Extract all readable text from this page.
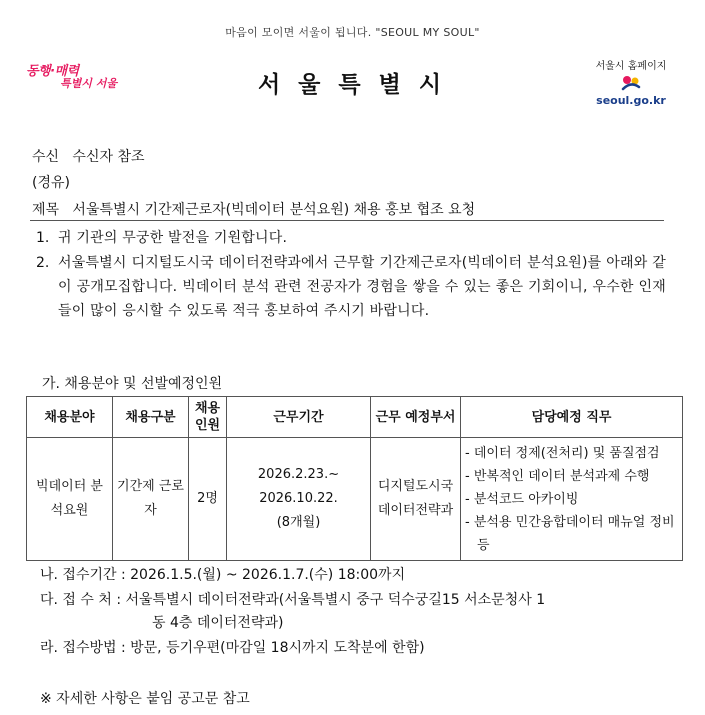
마음이 모이면 서울이 됩니다. "SEOUL MY SOUL"
동행·매력
특별시 서울	서울특별시
서울시 홈페이지
seoul.go.kr
수신 수신자 참조
(경유)
제목 서울특별시 기간제근로자(빅데이터 분석요원) 채용 홍보 협조 요청
1. 귀 기관의 무궁한 발전을 기원합니다.
2. 서울특별시 디지털도시국 데이터전략과에서 근무할 기간제근로자(빅데이터 분석요원)를 아래와 같이 공개모집합니다. 빅데이터 분석 관련 전공자가 경험을 쌓을 수 있는 좋은 기회이니, 우수한 인재들이 많이 응시할 수 있도록 적극 홍보하여 주시기 바랍니다.
가. 채용분야 및 선발예정인원
채용분야	채용구분	채용 인원	근무기간	근무 예정부서	담당예정 직무
빅데이터 분석요원	기간제 근로자	2명	2026.2.23.~
2026.10.22.
(8개월)	디지털도시국 데이터전략과	- 데이터 정제(전처리) 및 품질점검
- 반복적인 데이터 분석과제 수행
- 분석코드 아카이빙
- 분석용 민간융합데이터 매뉴얼 정비 등
나. 접수기간 : 2026.1.5.(월) ~ 2026.1.7.(수) 18:00까지
다. 접 수 처 : 서울특별시 데이터전략과(서울특별시 중구 덕수궁길15 서소문청사 1
동 4층 데이터전략과)
라. 접수방법 : 방문, 등기우편(마감일 18시까지 도착분에 한함)
※ 자세한 사항은 붙임 공고문 참고
